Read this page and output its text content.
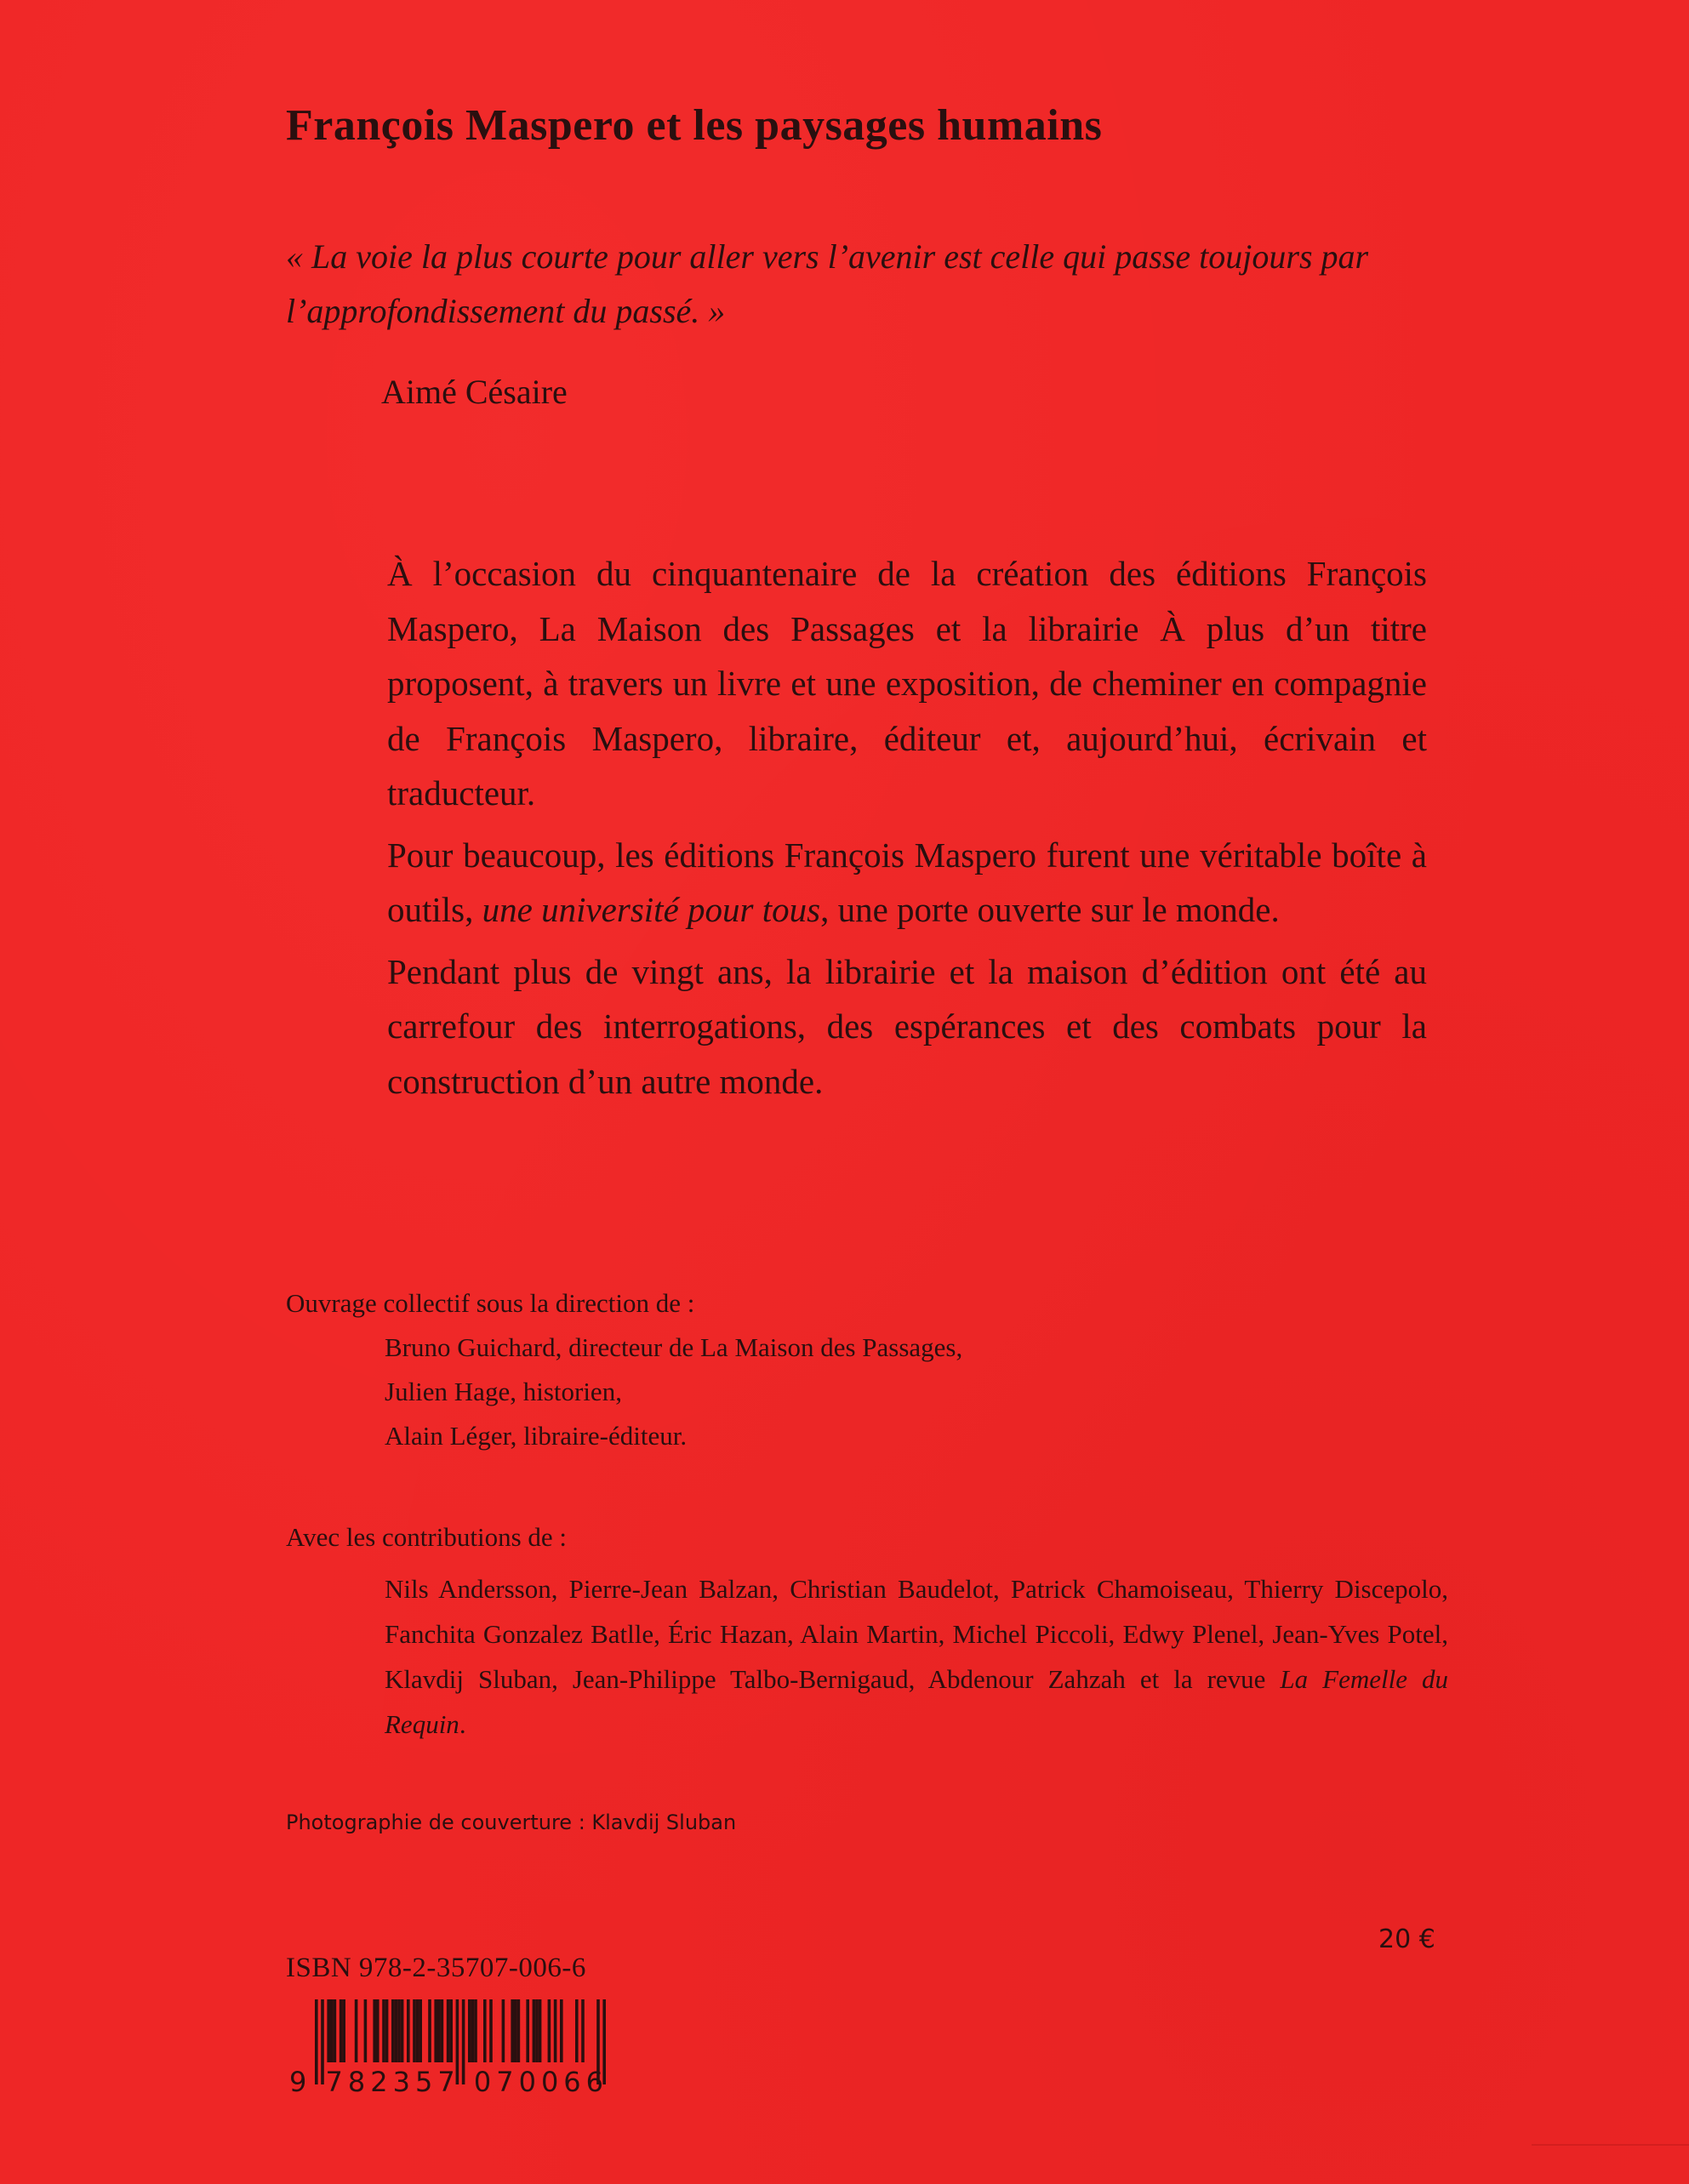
François Maspero et les paysages humains

« La voie la plus courte pour aller vers l’avenir est celle qui passe toujours par l’approfondissement du passé. »

Aimé Césaire

À l’occasion du cinquantenaire de la création des éditions François Maspero, La Maison des Passages et la librairie À plus d’un titre proposent, à travers un livre et une exposition, de cheminer en compagnie de François Maspero, libraire, éditeur et, aujourd’hui, écrivain et traducteur.

Pour beaucoup, les éditions François Maspero furent une véritable boîte à outils, une université pour tous, une porte ouverte sur le monde.

Pendant plus de vingt ans, la librairie et la maison d’édition ont été au carrefour des interrogations, des espérances et des combats pour la construction d’un autre monde.

Ouvrage collectif sous la direction de :

Bruno Guichard, directeur de La Maison des Passages,
Julien Hage, historien,
Alain Léger, libraire-éditeur.

Avec les contributions de :

Nils Andersson, Pierre-Jean Balzan, Christian Baudelot, Patrick Chamoiseau, Thierry Discepolo, Fanchita Gonzalez Batlle, Éric Hazan, Alain Martin, Michel Piccoli, Edwy Plenel, Jean-Yves Potel, Klavdij Sluban, Jean-Philippe Talbo-Bernigaud, Abdenour Zahzah et la revue La Femelle du Requin.
Photographie de couverture : Klavdij Sluban
20 €
ISBN 978-2-35707-006-6
9 782357 070066
